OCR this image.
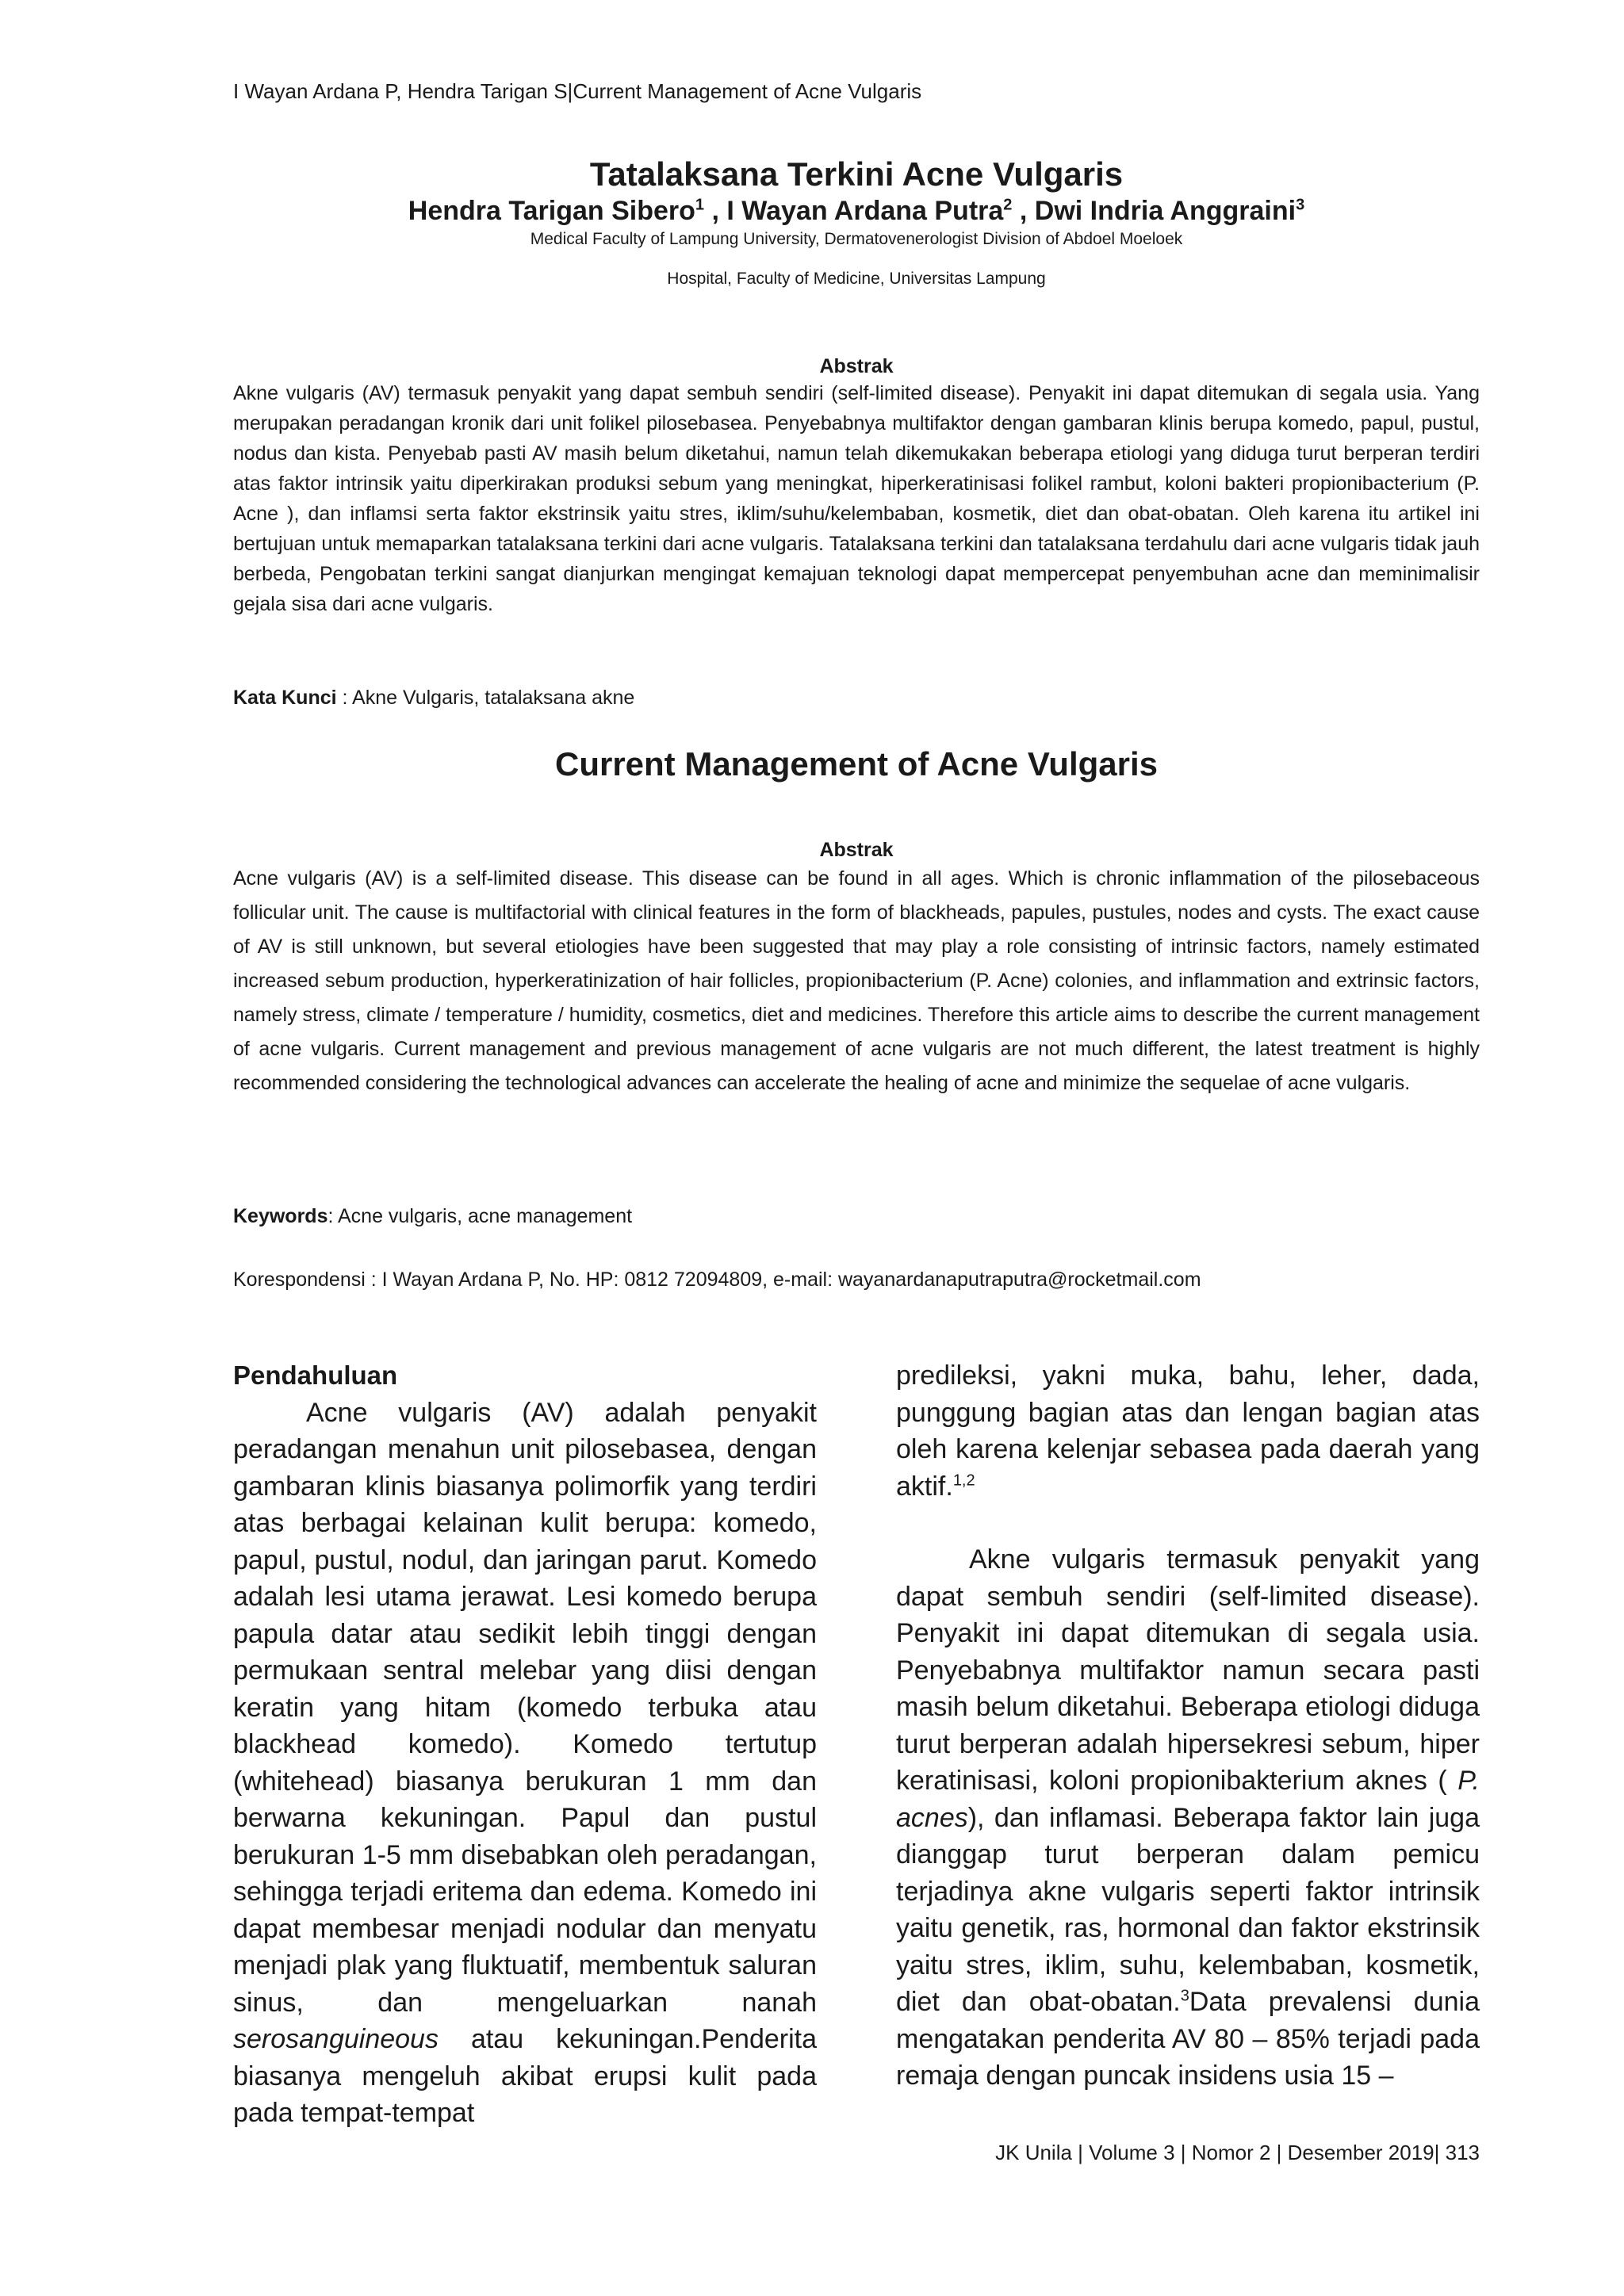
I Wayan Ardana P, Hendra Tarigan S|Current Management of Acne Vulgaris

Tatalaksana Terkini Acne Vulgaris

Hendra Tarigan Sibero$^1$ , I Wayan Ardana Putra$^2$ , Dwi Indria Anggraini$^3$

Medical Faculty of Lampung University, Dermatovenerologist Division of Abdoel Moeloek

Hospital, Faculty of Medicine, Universitas Lampung

Abstrak

Akne vulgaris (AV) termasuk penyakit yang dapat sembuh sendiri (self-limited disease). Penyakit ini dapat ditemukan di segala usia. Yang merupakan peradangan kronik dari unit folikel pilosebasea. Penyebabnya multifaktor dengan gambaran klinis berupa komedo, papul, pustul, nodus dan kista. Penyebab pasti AV masih belum diketahui, namun telah dikemukakan beberapa etiologi yang diduga turut berperan terdiri atas faktor intrinsik yaitu diperkirakan produksi sebum yang meningkat, hiperkeratinisasi folikel rambut, koloni bakteri propionibacterium (P. Acne ), dan inflamsi serta faktor ekstrinsik yaitu stres, iklim/suhu/kelembaban, kosmetik, diet dan obat-obatan. Oleh karena itu artikel ini bertujuan untuk memaparkan tatalaksana terkini dari acne vulgaris. Tatalaksana terkini dan tatalaksana terdahulu dari acne vulgaris tidak jauh berbeda, Pengobatan terkini sangat dianjurkan mengingat kemajuan teknologi dapat mempercepat penyembuhan acne dan meminimalisir gejala sisa dari acne vulgaris.

Kata Kunci : Akne Vulgaris, tatalaksana akne
Current Management of Acne Vulgaris

Abstrak

Acne vulgaris (AV) is a self-limited disease. This disease can be found in all ages. Which is chronic inflammation of the pilosebaceous follicular unit. The cause is multifactorial with clinical features in the form of blackheads, papules, pustules, nodes and cysts. The exact cause of AV is still unknown, but several etiologies have been suggested that may play a role consisting of intrinsic factors, namely estimated increased sebum production, hyperkeratinization of hair follicles, propionibacterium (P. Acne) colonies, and inflammation and extrinsic factors, namely stress, climate / temperature / humidity, cosmetics, diet and medicines. Therefore this article aims to describe the current management of acne vulgaris. Current management and previous management of acne vulgaris are not much different, the latest treatment is highly recommended considering the technological advances can accelerate the healing of acne and minimize the sequelae of acne vulgaris.

Keywords: Acne vulgaris, acne management
Korespondensi : I Wayan Ardana P, No. HP: 0812 72094809, e-mail: wayanardanaputraputra@rocketmail.com

Pendahuluan

Acne vulgaris (AV) adalah penyakit peradangan menahun unit pilosebasea, dengan gambaran klinis biasanya polimorfik yang terdiri atas berbagai kelainan kulit berupa: komedo, papul, pustul, nodul, dan jaringan parut. Komedo adalah lesi utama jerawat. Lesi komedo berupa papula datar atau sedikit lebih tinggi dengan permukaan sentral melebar yang diisi dengan keratin yang hitam (komedo terbuka atau blackhead komedo). Komedo tertutup (whitehead) biasanya berukuran 1 mm dan berwarna kekuningan. Papul dan pustul berukuran 1-5 mm disebabkan oleh peradangan, sehingga terjadi eritema dan edema. Komedo ini dapat membesar menjadi nodular dan menyatu menjadi plak yang fluktuatif, membentuk saluran sinus, dan mengeluarkan nanah serosanguineous atau kekuningan.Penderita biasanya mengeluh akibat erupsi kulit pada pada tempat-tempat

predileksi, yakni muka, bahu, leher, dada, punggung bagian atas dan lengan bagian atas oleh karena kelenjar sebasea pada daerah yang aktif.$^{1,2}$

Akne vulgaris termasuk penyakit yang dapat sembuh sendiri (self-limited disease). Penyakit ini dapat ditemukan di segala usia. Penyebabnya multifaktor namun secara pasti masih belum diketahui. Beberapa etiologi diduga turut berperan adalah hipersekresi sebum, hiper keratinisasi, koloni propionibakterium aknes ( P. acnes), dan inflamasi. Beberapa faktor lain juga dianggap turut berperan dalam pemicu terjadinya akne vulgaris seperti faktor intrinsik yaitu genetik, ras, hormonal dan faktor ekstrinsik yaitu stres, iklim, suhu, kelembaban, kosmetik, diet dan obat-obatan.$^3$Data prevalensi dunia mengatakan penderita AV 80 – 85% terjadi pada remaja dengan puncak insidens usia 15 –

JK Unila | Volume 3 | Nomor 2 | Desember 2019| 313
